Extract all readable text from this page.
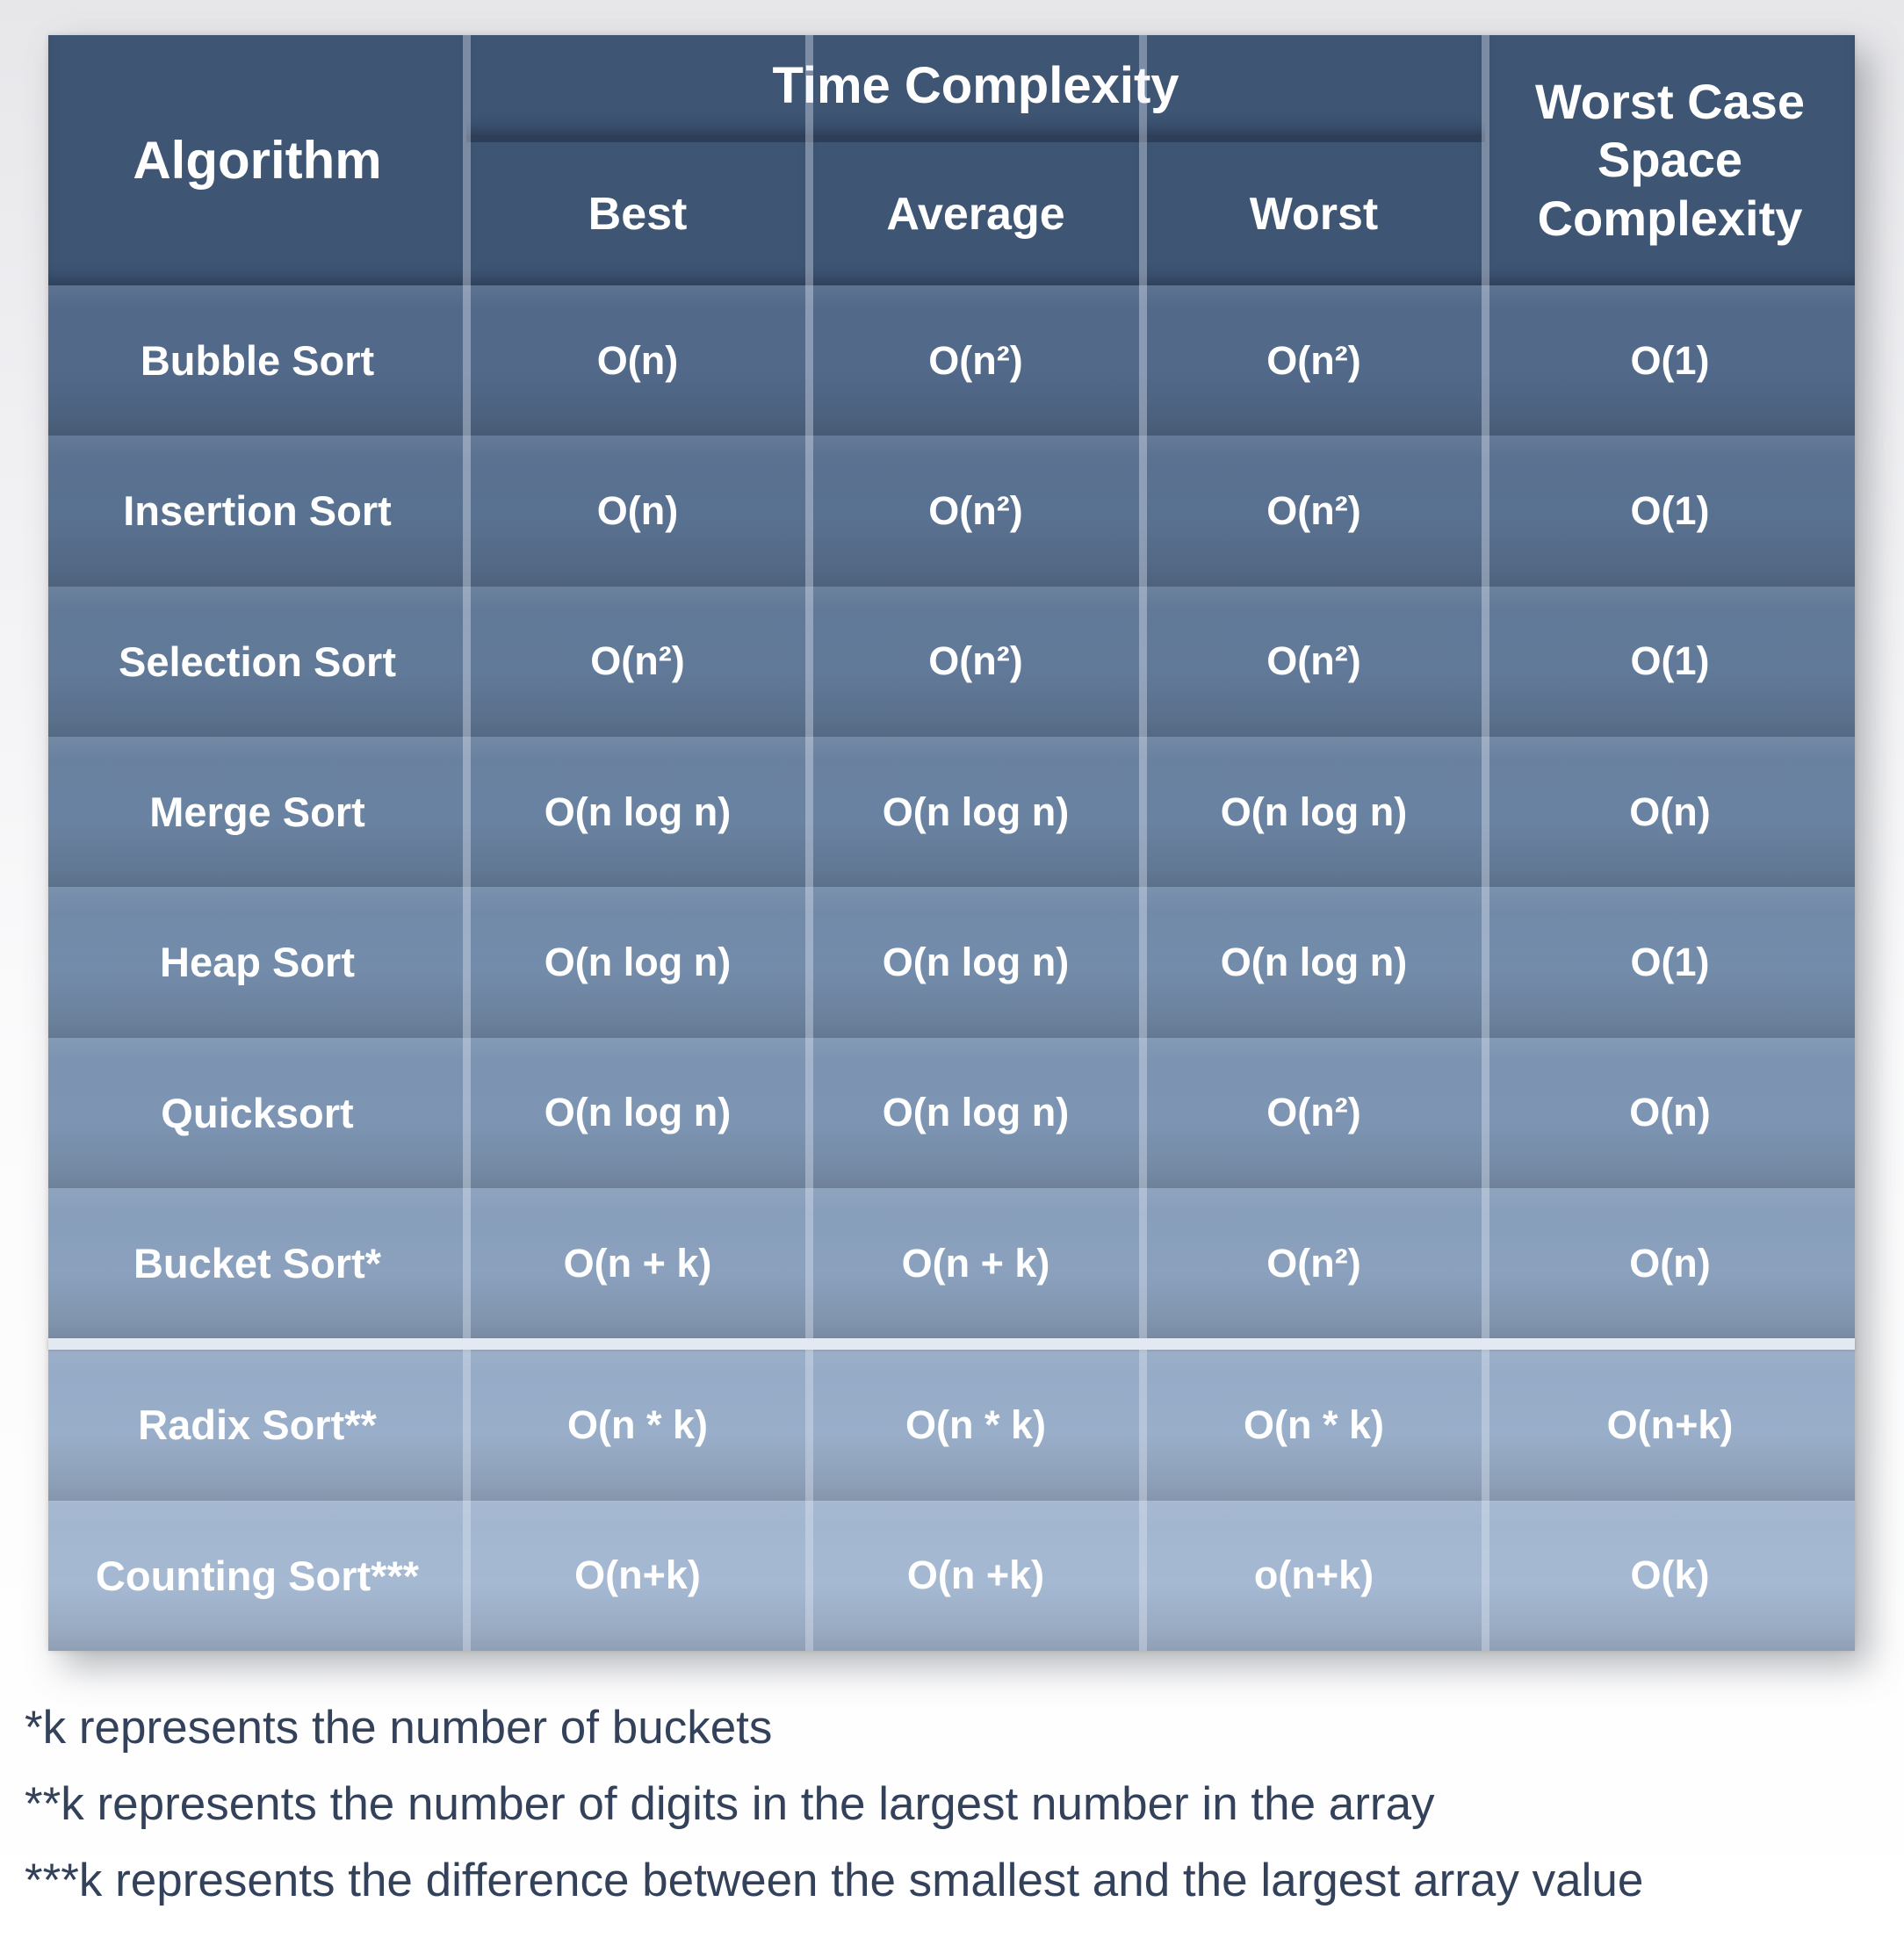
Algorithm
Time Complexity
Best	Average	Worst
Worst Case Space Complexity
Bubble Sort	O(n)	O(n²)	O(n²)	O(1)
Insertion Sort	O(n)	O(n²)	O(n²)	O(1)
Selection Sort	O(n²)	O(n²)	O(n²)	O(1)
Merge Sort	O(n log n)	O(n log n)	O(n log n)	O(n)
Heap Sort	O(n log n)	O(n log n)	O(n log n)	O(1)
Quicksort	O(n log n)	O(n log n)	O(n²)	O(n)
Bucket Sort*	O(n + k)	O(n + k)	O(n²)	O(n)
Radix Sort**	O(n * k)	O(n * k)	O(n * k)	O(n+k)
Counting Sort***	O(n+k)	O(n +k)	o(n+k)	O(k)
*k represents the number of buckets
**k represents the number of digits in the largest number in the array
***k represents the difference between the smallest and the largest array value
